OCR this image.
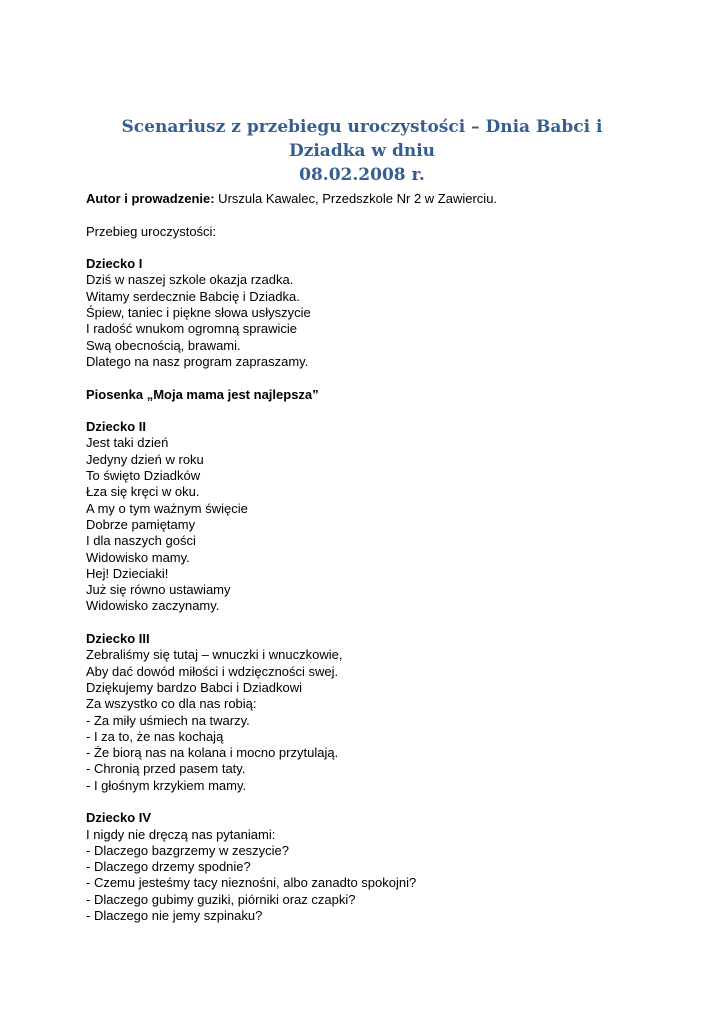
Scenariusz z przebiegu uroczystości – Dnia Babci i Dziadka w dniu
08.02.2008 r.

Autor i prowadzenie: Urszula Kawalec, Przedszkole Nr 2 w Zawierciu.

Przebieg uroczystości:

Dziecko I
Dziś w naszej szkole okazja rzadka.
Witamy serdecznie Babcię i Dziadka.
Śpiew, taniec i piękne słowa usłyszycie
I radość wnukom ogromną sprawicie
Swą obecnością, brawami.
Dlatego na nasz program zapraszamy.

Piosenka „Moja mama jest najlepsza”

Dziecko II
Jest taki dzień
Jedyny dzień w roku
To święto Dziadków
Łza się kręci w oku.
A my o tym ważnym święcie
Dobrze pamiętamy
I dla naszych gości
Widowisko mamy.
Hej! Dzieciaki!
Już się równo ustawiamy
Widowisko zaczynamy.
Dziecko III
Zebraliśmy się tutaj – wnuczki i wnuczkowie,
Aby dać dowód miłości i wdzięczności swej.
Dziękujemy bardzo Babci i Dziadkowi
Za wszystko co dla nas robią:
- Za miły uśmiech na twarzy.
- I za to, że nas kochają
- Że biorą nas na kolana i mocno przytulają.
- Chronią przed pasem taty.
- I głośnym krzykiem mamy.
Dziecko IV
I nigdy nie dręczą nas pytaniami:
- Dlaczego bazgrzemy w zeszycie?
- Dlaczego drzemy spodnie?
- Czemu jesteśmy tacy nieznośni, albo zanadto spokojni?
- Dlaczego gubimy guziki, piórniki oraz czapki?
- Dlaczego nie jemy szpinaku?
